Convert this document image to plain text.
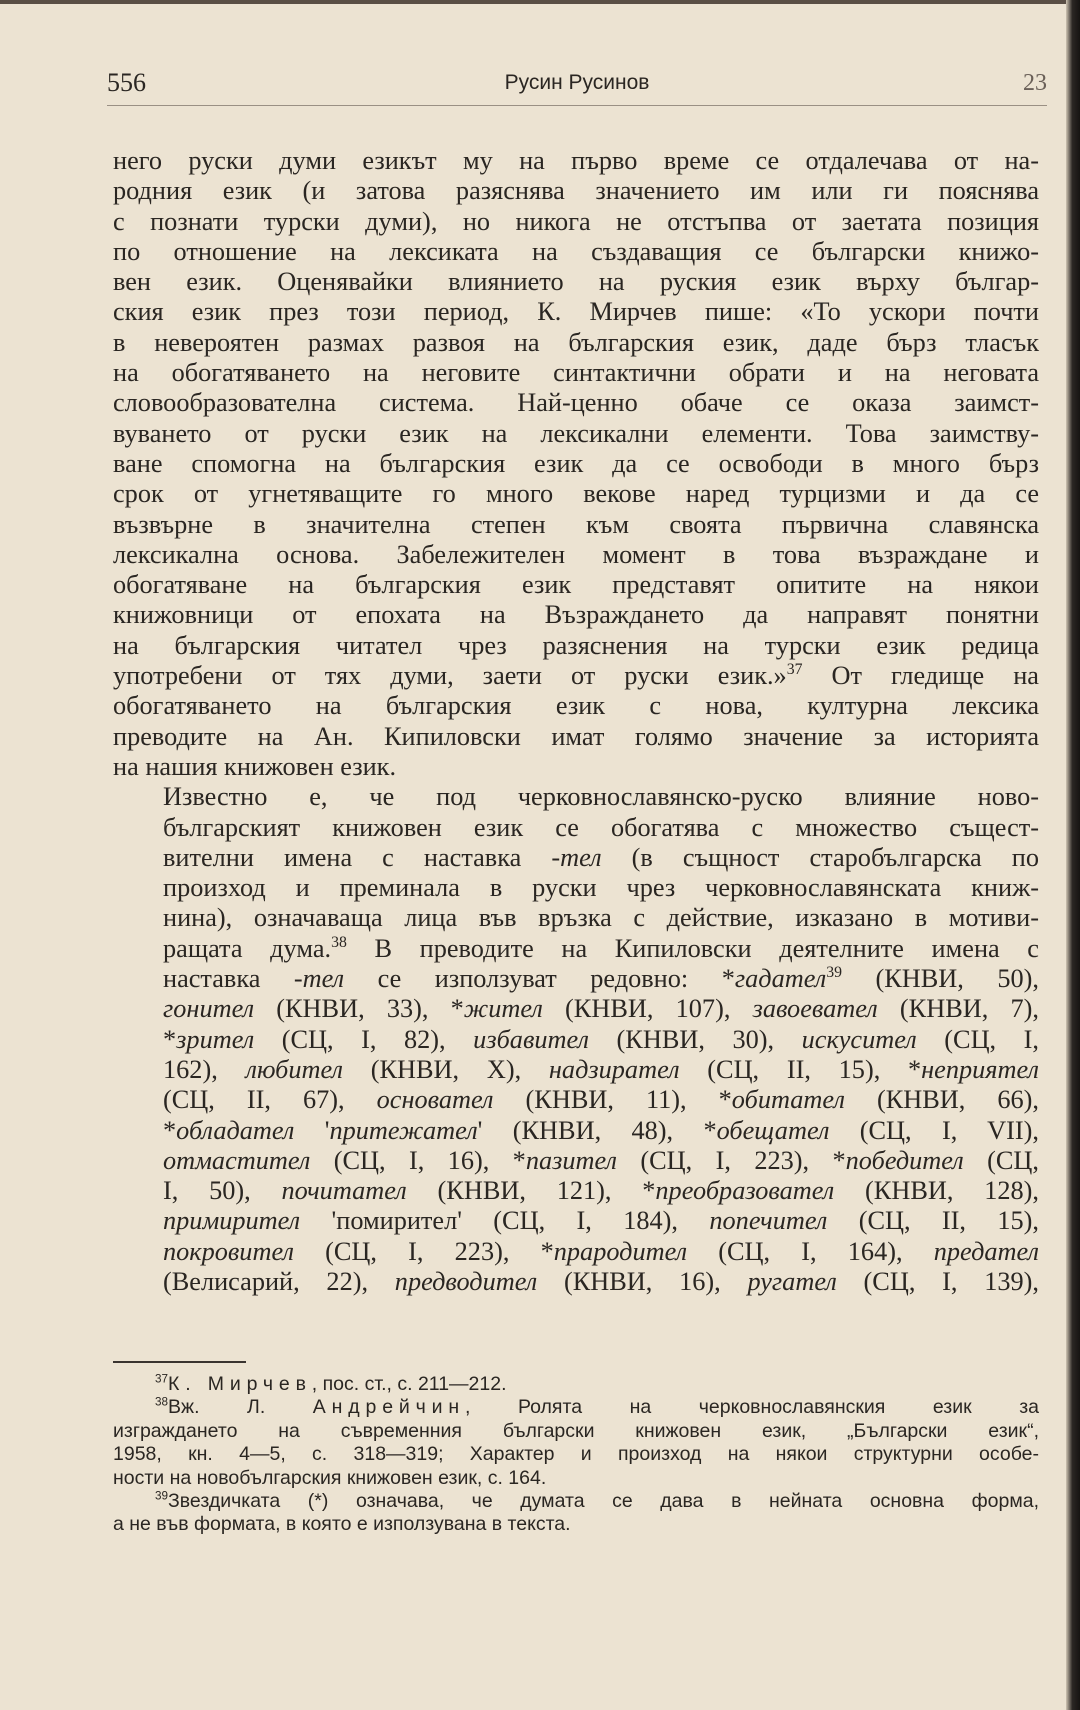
556	Русин Русинов	23

него руски думи езикът му на първо време се отдалечава от на-
родния език (и затова разяснява значението им или ги пояснява
с познати турски думи), но никога не отстъпва от заетата позиция
по отношение на лексиката на създаващия се български книжо-
вен език. Оценявайки влиянието на руския език върху българ-
ския език през този период, К. Мирчев пише: «То ускори почти
в невероятен размах развоя на българския език, даде бърз тласък
на обогатяването на неговите синтактични обрати и на неговата
словообразователна система. Най-ценно обаче се оказа заимст-
вуването от руски език на лексикални елементи. Това заимству-
ване спомогна на българския език да се освободи в много бърз
срок от угнетяващите го много векове наред турцизми и да се
възвърне в значителна степен към своята първична славянска
лексикална основа. Забележителен момент в това възраждане и
обогатяване на българския език представят опитите на някои
книжовници от епохата на Възраждането да направят понятни
на българския читател чрез разяснения на турски език редица
употребени от тях думи, заети от руски език.»$^{37}$ От гледище на
обогатяването на българския език с нова, културна лексика
преводите на Ан. Кипиловски имат голямо значение за историята
на нашия книжовен език.

Известно е, че под черковнославянско-руско влияние ново-
българският книжовен език се обогатява с множество същест-
вителни имена с наставка -тел (в същност старобългарска по
произход и преминала в руски чрез черковнославянската книж-
нина), означаваща лица във връзка с действие, изказано в мотиви-
ращата дума.$^{38}$ В преводите на Кипиловски деятелните имена с
наставка -тел се използуват редовно: *гадател$^{39}$ (КНВИ, 50),
гонител (КНВИ, 33), *жител (КНВИ, 107), завоевател (КНВИ, 7),
*зрител (СЦ, I, 82), избавител (КНВИ, 30), искусител (СЦ, I,
162), любител (КНВИ, X), надзирател (СЦ, II, 15), *неприятел
(СЦ, II, 67), основател (КНВИ, 11), *обитател (КНВИ, 66),
*обладател 'притежател' (КНВИ, 48), *обещател (СЦ, I, VII),
отмастител (СЦ, I, 16), *пазител (СЦ, I, 223), *победител (СЦ,
I, 50), почитател (КНВИ, 121), *преобразовател (КНВИ, 128),
примирител 'помирител' (СЦ, I, 184), попечител (СЦ, II, 15),
покровител (СЦ, I, 223), *прародител (СЦ, I, 164), предател
(Велисарий, 22), предводител (КНВИ, 16), ругател (СЦ, I, 139),

$^{37}$К. Мирчев, пос. ст., с. 211—212.

$^{38}$Вж. Л. Андрейчин, Ролята на черковнославянския език за
изграждането на съвременния български книжовен език, „Български език“,
1958, кн. 4—5, с. 318—319; Характер и произход на някои структурни особе-
ности на новобългарския книжовен език, с. 164.
$^{39}$Звездичката (*) означава, че думата се дава в нейната основна форма,
а не във формата, в която е използувана в текста.
